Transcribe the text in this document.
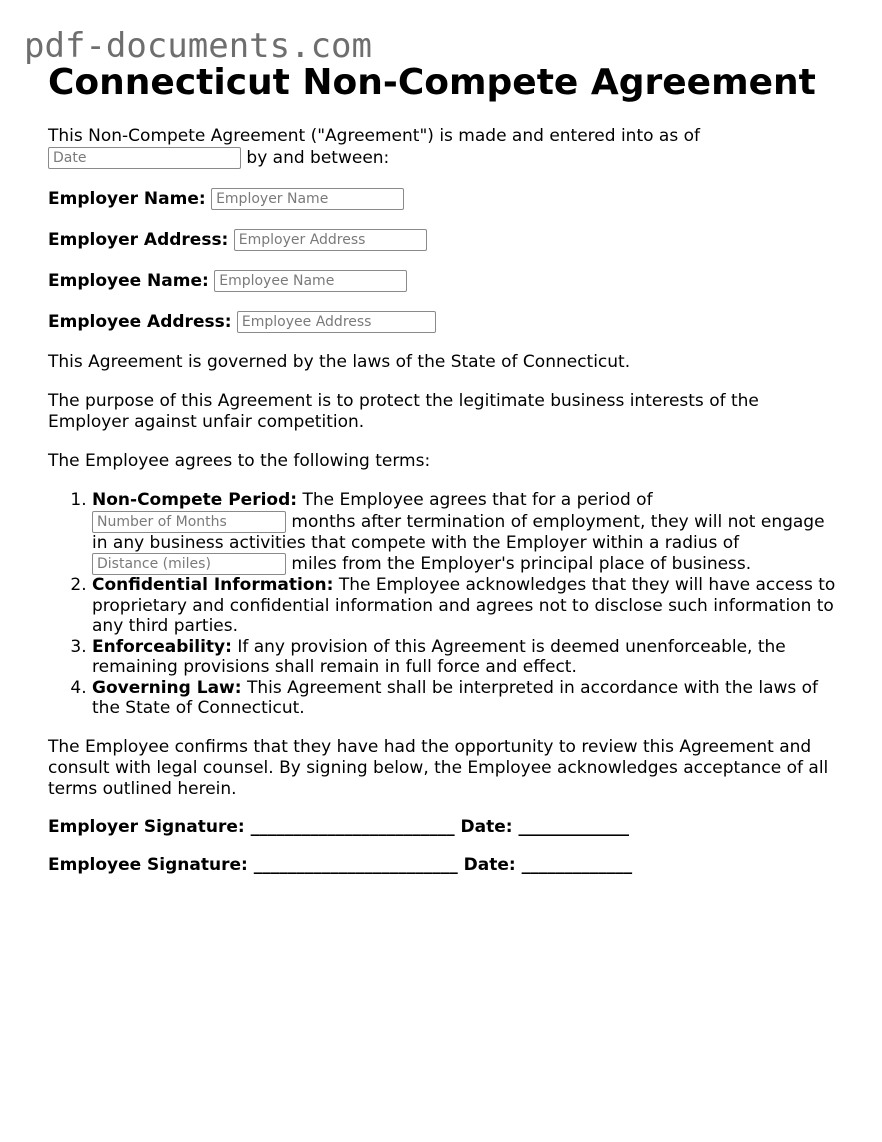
pdf-documents.com
Connecticut Non-Compete Agreement

This Non-Compete Agreement ("Agreement") is made and entered into as of
Date by and between:

Employer Name: Employer Name
Employer Address: Employer Address
Employee Name: Employee Name
Employee Address: Employee Address

This Agreement is governed by the laws of the State of Connecticut.

The purpose of this Agreement is to protect the legitimate business interests of the Employer against unfair competition.

The Employee agrees to the following terms:

1. Non-Compete Period: The Employee agrees that for a period of
Number of Months months after termination of employment, they will not engage in any business activities that compete with the Employer within a radius of
Distance (miles) miles from the Employer's principal place of business.
2. Confidential Information: The Employee acknowledges that they will have access to proprietary and confidential information and agrees not to disclose such information to any third parties.
3. Enforceability: If any provision of this Agreement is deemed unenforceable, the remaining provisions shall remain in full force and effect.
4. Governing Law: This Agreement shall be interpreted in accordance with the laws of the State of Connecticut.

The Employee confirms that they have had the opportunity to review this Agreement and consult with legal counsel. By signing below, the Employee acknowledges acceptance of all terms outlined herein.

Employer Signature: ________________________ Date: _____________
Employee Signature: ________________________ Date: _____________
